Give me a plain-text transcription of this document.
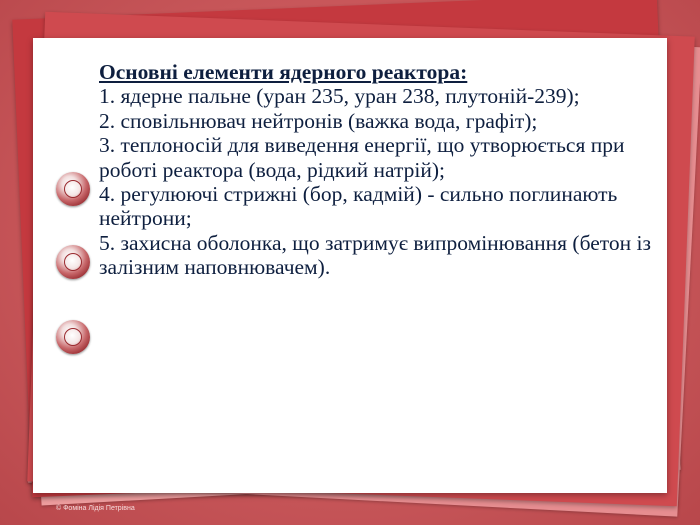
Основні елементи ядерного реактора:
1. ядерне пальне (уран 235, уран 238, плутоній-239);
2. сповільнювач нейтронів (важка вода, графіт);
3. теплоносій для виведення енергії, що утворюється при роботі реактора (вода, рідкий натрій);
4. регулюючі стрижні (бор, кадмій) - сильно поглинають нейтрони;
5. захисна оболонка, що затримує випромінювання (бетон із залізним наповнювачем).
© Фоміна Лідія Петрівна
